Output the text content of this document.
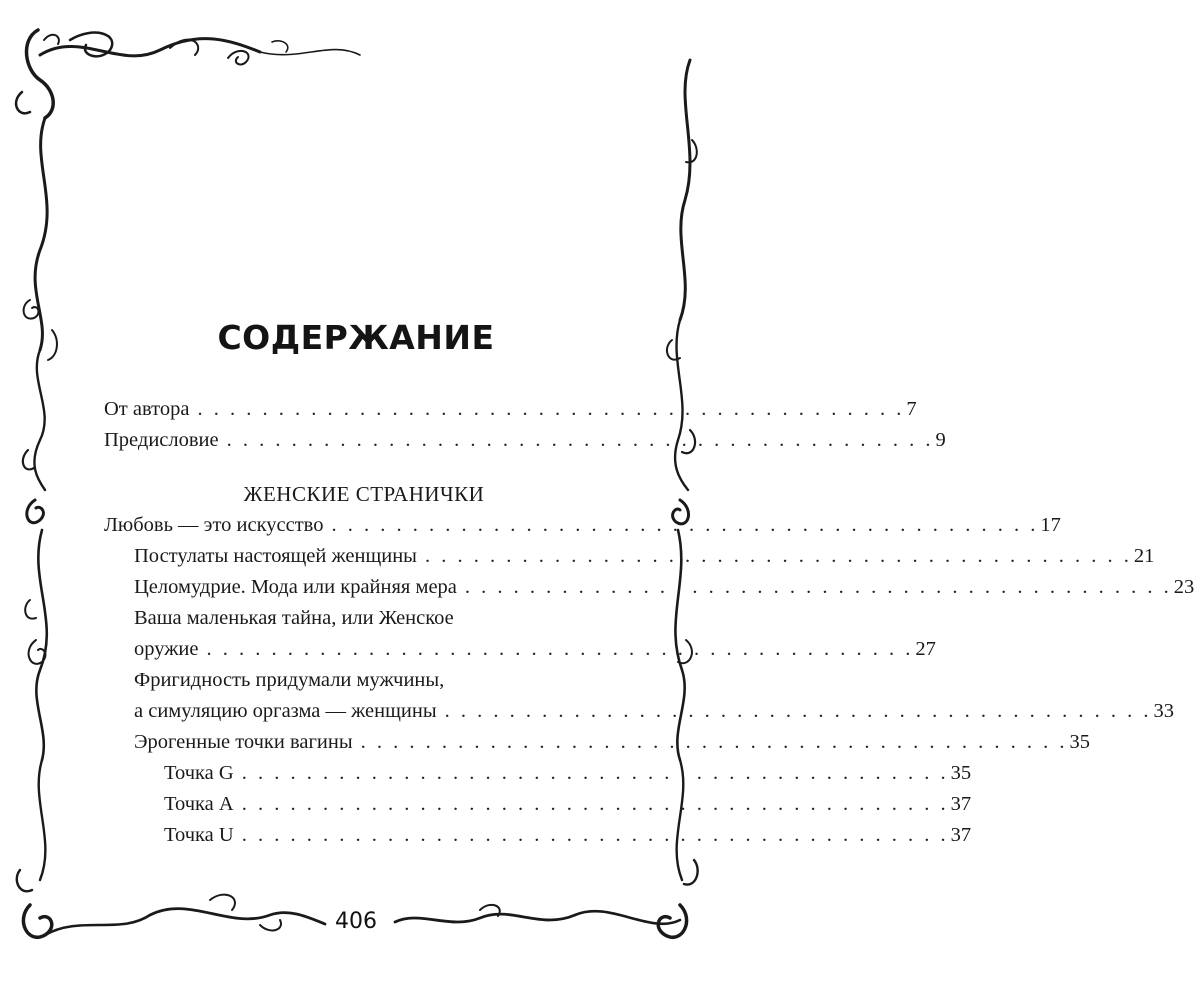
СОДЕРЖАНИЕ
От автора . . . . . . . . . . . . . . . . . . . . . . . . . . . . . . . . . . . . . . . . . . . . 7
Предисловие . . . . . . . . . . . . . . . . . . . . . . . . . . . . . . . . . . . . . . . . . . . . 9
ЖЕНСКИЕ СТРАНИЧКИ
Любовь — это искусство . . . . . . . . . . . . . . . . . . . . . . . . . . . . . . . . . . . . . . . . . . . . 17
Постулаты настоящей женщины . . . . . . . . . . . . . . . . . . . . . . . . . . . . . . . . . . . . . . . . . . . . 21
Целомудрие. Мода или крайняя мера . . . . . . . . . . . . . . . . . . . . . . . . . . . . . . . . . . . . . . . . . . . . 23
Ваша маленькая тайна, или Женское
оружие . . . . . . . . . . . . . . . . . . . . . . . . . . . . . . . . . . . . . . . . . . . . 27
Фригидность придумали мужчины,
а симуляцию оргазма — женщины . . . . . . . . . . . . . . . . . . . . . . . . . . . . . . . . . . . . . . . . . . . . 33
Эрогенные точки вагины . . . . . . . . . . . . . . . . . . . . . . . . . . . . . . . . . . . . . . . . . . . . 35
Точка G . . . . . . . . . . . . . . . . . . . . . . . . . . . . . . . . . . . . . . . . . . . . 35
Точка A . . . . . . . . . . . . . . . . . . . . . . . . . . . . . . . . . . . . . . . . . . . . 37
Точка U . . . . . . . . . . . . . . . . . . . . . . . . . . . . . . . . . . . . . . . . . . . . 37
406
